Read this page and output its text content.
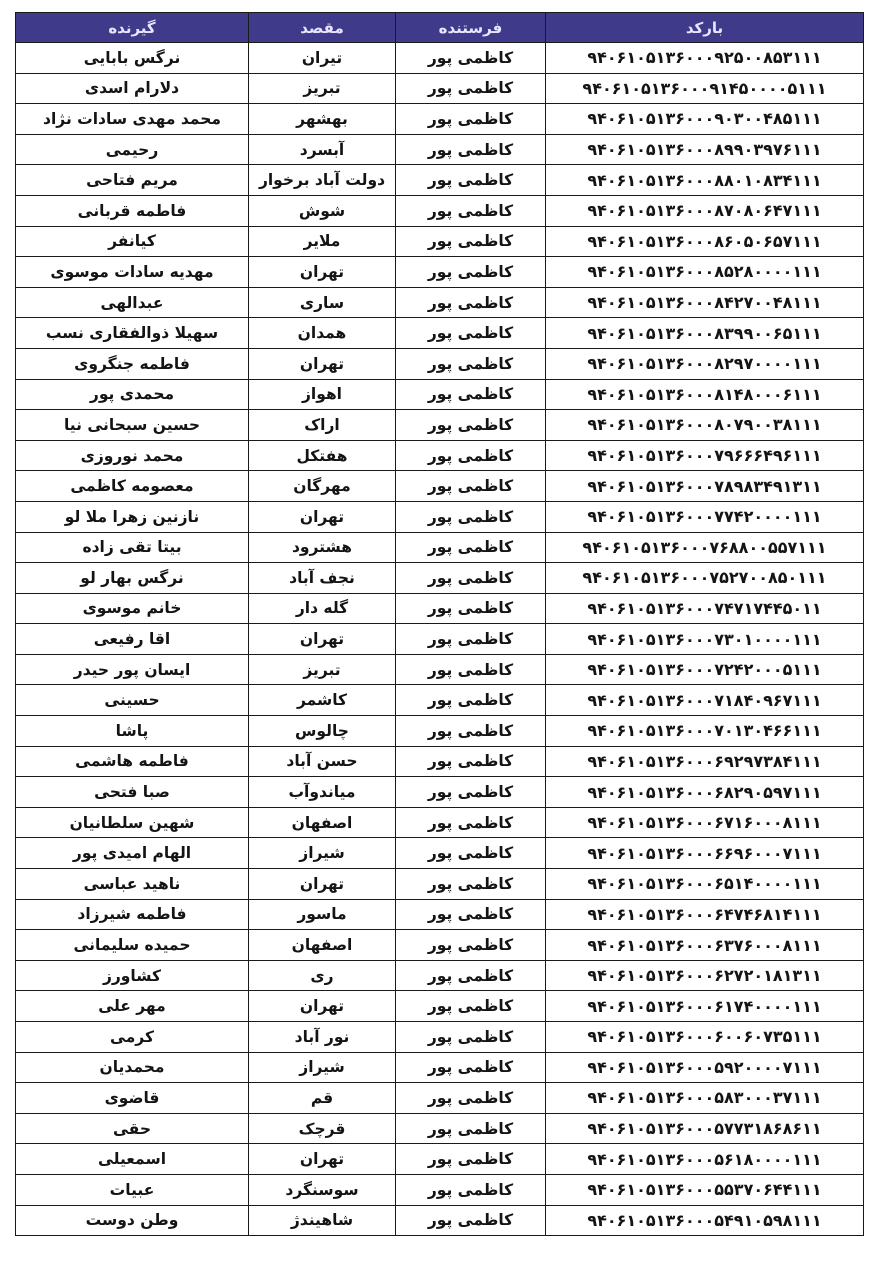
بارکد	فرستنده	مقصد	گیرنده
۹۴۰۶۱۰۵۱۳۶۰۰۰۹۲۵۰۰۸۵۳۱۱۱	کاظمی پور	تیران	نرگس بابایی
۹۴۰۶۱۰۵۱۳۶۰۰۰۹۱۴۵۰۰۰۰۵۱۱۱	کاظمی پور	تبریز	دلارام اسدی
۹۴۰۶۱۰۵۱۳۶۰۰۰۹۰۳۰۰۴۸۵۱۱۱	کاظمی پور	بهشهر	محمد مهدی سادات نژاد
۹۴۰۶۱۰۵۱۳۶۰۰۰۸۹۹۰۳۹۷۶۱۱۱	کاظمی پور	آبسرد	رحیمی
۹۴۰۶۱۰۵۱۳۶۰۰۰۸۸۰۱۰۸۳۴۱۱۱	کاظمی پور	دولت آباد برخوار	مریم فتاحی
۹۴۰۶۱۰۵۱۳۶۰۰۰۸۷۰۸۰۶۴۷۱۱۱	کاظمی پور	شوش	فاطمه قربانی
۹۴۰۶۱۰۵۱۳۶۰۰۰۸۶۰۵۰۶۵۷۱۱۱	کاظمی پور	ملایر	کیانفر
۹۴۰۶۱۰۵۱۳۶۰۰۰۸۵۲۸۰۰۰۰۱۱۱	کاظمی پور	تهران	مهدیه سادات موسوی
۹۴۰۶۱۰۵۱۳۶۰۰۰۸۴۲۷۰۰۴۸۱۱۱	کاظمی پور	ساری	عبدالهی
۹۴۰۶۱۰۵۱۳۶۰۰۰۸۳۹۹۰۰۶۵۱۱۱	کاظمی پور	همدان	سهیلا ذوالفقاری نسب
۹۴۰۶۱۰۵۱۳۶۰۰۰۸۲۹۷۰۰۰۰۱۱۱	کاظمی پور	تهران	فاطمه جنگروی
۹۴۰۶۱۰۵۱۳۶۰۰۰۸۱۴۸۰۰۰۶۱۱۱	کاظمی پور	اهواز	محمدی پور
۹۴۰۶۱۰۵۱۳۶۰۰۰۸۰۷۹۰۰۳۸۱۱۱	کاظمی پور	اراک	حسین سبحانی نیا
۹۴۰۶۱۰۵۱۳۶۰۰۰۷۹۶۶۶۴۹۶۱۱۱	کاظمی پور	هفتکل	محمد نوروزی
۹۴۰۶۱۰۵۱۳۶۰۰۰۷۸۹۸۳۴۹۱۳۱۱	کاظمی پور	مهرگان	معصومه کاظمی
۹۴۰۶۱۰۵۱۳۶۰۰۰۷۷۴۲۰۰۰۰۱۱۱	کاظمی پور	تهران	نازنین زهرا ملا لو
۹۴۰۶۱۰۵۱۳۶۰۰۰۷۶۸۸۰۰۵۵۷۱۱۱	کاظمی پور	هشترود	بیتا تقی زاده
۹۴۰۶۱۰۵۱۳۶۰۰۰۷۵۲۷۰۰۸۵۰۱۱۱	کاظمی پور	نجف آباد	نرگس بهار لو
۹۴۰۶۱۰۵۱۳۶۰۰۰۷۴۷۱۷۴۴۵۰۱۱	کاظمی پور	گله دار	خانم موسوی
۹۴۰۶۱۰۵۱۳۶۰۰۰۷۳۰۱۰۰۰۰۱۱۱	کاظمی پور	تهران	اقا رفیعی
۹۴۰۶۱۰۵۱۳۶۰۰۰۷۲۴۲۰۰۰۵۱۱۱	کاظمی پور	تبریز	ایسان پور حیدر
۹۴۰۶۱۰۵۱۳۶۰۰۰۷۱۸۴۰۹۶۷۱۱۱	کاظمی پور	کاشمر	حسینی
۹۴۰۶۱۰۵۱۳۶۰۰۰۷۰۱۳۰۴۶۶۱۱۱	کاظمی پور	چالوس	پاشا
۹۴۰۶۱۰۵۱۳۶۰۰۰۶۹۲۹۷۳۸۴۱۱۱	کاظمی پور	حسن آباد	فاطمه هاشمی
۹۴۰۶۱۰۵۱۳۶۰۰۰۶۸۲۹۰۵۹۷۱۱۱	کاظمی پور	میاندوآب	صبا فتحی
۹۴۰۶۱۰۵۱۳۶۰۰۰۶۷۱۶۰۰۰۸۱۱۱	کاظمی پور	اصفهان	شهین سلطانیان
۹۴۰۶۱۰۵۱۳۶۰۰۰۶۶۹۶۰۰۰۷۱۱۱	کاظمی پور	شیراز	الهام امیدی پور
۹۴۰۶۱۰۵۱۳۶۰۰۰۶۵۱۴۰۰۰۰۱۱۱	کاظمی پور	تهران	ناهید عباسی
۹۴۰۶۱۰۵۱۳۶۰۰۰۶۴۷۴۶۸۱۴۱۱۱	کاظمی پور	ماسور	فاطمه شیرزاد
۹۴۰۶۱۰۵۱۳۶۰۰۰۶۳۷۶۰۰۰۸۱۱۱	کاظمی پور	اصفهان	حمیده سلیمانی
۹۴۰۶۱۰۵۱۳۶۰۰۰۶۲۷۲۰۱۸۱۳۱۱	کاظمی پور	ری	کشاورز
۹۴۰۶۱۰۵۱۳۶۰۰۰۶۱۷۴۰۰۰۰۱۱۱	کاظمی پور	تهران	مهر علی
۹۴۰۶۱۰۵۱۳۶۰۰۰۶۰۰۶۰۷۳۵۱۱۱	کاظمی پور	نور آباد	کرمی
۹۴۰۶۱۰۵۱۳۶۰۰۰۵۹۲۰۰۰۰۷۱۱۱	کاظمی پور	شیراز	محمدیان
۹۴۰۶۱۰۵۱۳۶۰۰۰۵۸۳۰۰۰۳۷۱۱۱	کاظمی پور	قم	قاضوی
۹۴۰۶۱۰۵۱۳۶۰۰۰۵۷۷۳۱۸۶۸۶۱۱	کاظمی پور	قرچک	حقی
۹۴۰۶۱۰۵۱۳۶۰۰۰۵۶۱۸۰۰۰۰۱۱۱	کاظمی پور	تهران	اسمعیلی
۹۴۰۶۱۰۵۱۳۶۰۰۰۵۵۳۷۰۶۴۴۱۱۱	کاظمی پور	سوسنگرد	عبیات
۹۴۰۶۱۰۵۱۳۶۰۰۰۵۴۹۱۰۵۹۸۱۱۱	کاظمی پور	شاهیندژ	وطن دوست
